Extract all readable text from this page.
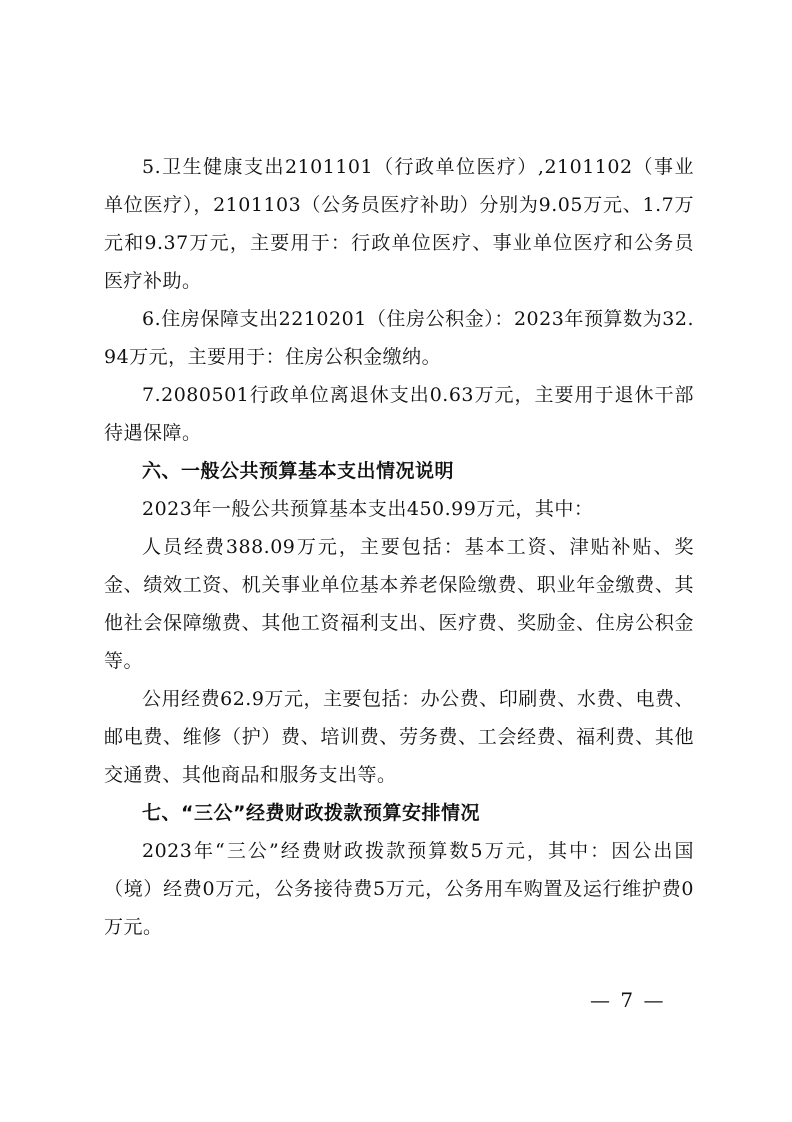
5.卫生健康支出2101101（行政单位医疗）,2101102（事业单位医疗），2101103（公务员医疗补助）分别为9.05万元、1.7万元和9.37万元，主要用于：行政单位医疗、事业单位医疗和公务员医疗补助。

6.住房保障支出2210201（住房公积金）：2023年预算数为32.94万元，主要用于：住房公积金缴纳。

7.2080501行政单位离退休支出0.63万元，主要用于退休干部待遇保障。

六、一般公共预算基本支出情况说明

2023年一般公共预算基本支出450.99万元，其中：

人员经费388.09万元，主要包括：基本工资、津贴补贴、奖金、绩效工资、机关事业单位基本养老保险缴费、职业年金缴费、其他社会保障缴费、其他工资福利支出、医疗费、奖励金、住房公积金等。

公用经费62.9万元，主要包括：办公费、印刷费、水费、电费、邮电费、维修（护）费、培训费、劳务费、工会经费、福利费、其他交通费、其他商品和服务支出等。

七、“三公”经费财政拨款预算安排情况

2023年“三公”经费财政拨款预算数5万元，其中：因公出国（境）经费0万元，公务接待费5万元，公务用车购置及运行维护费0万元。

— 7 —
